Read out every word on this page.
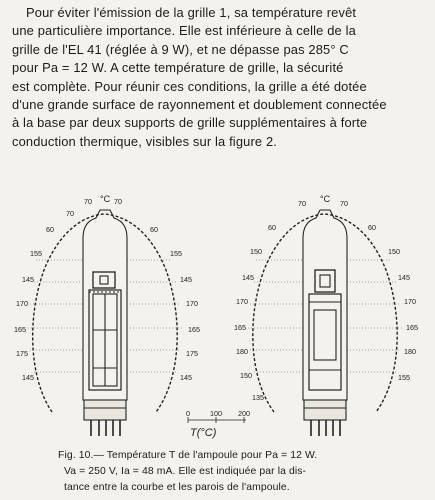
Pour éviter l'émission de la grille 1, sa température revêt
une particulière importance. Elle est inférieure à celle de la
grille de l'EL 41 (réglée à 9 W), et ne dépasse pas 285° C
pour Pa = 12 W. A cette température de grille, la sécurité
est complète. Pour réunir ces conditions, la grille a été dotée
d'une grande surface de rayonnement et doublement connectée
à la base par deux supports de grille supplémentaires à forte
conduction thermique, visibles sur la figure 2.
°C
70	70
70
60
155
145
170
165
175
145
60
155
145
170
165
175
145
°C
70	70
60
150
145
170
165
180
150
135
60
150
145
170
165
180
155
0	100 200
T(°C)
Fig. 10.— Température T de l'ampoule pour Pa = 12 W.
Va = 250 V, Ia = 48 mA. Elle est indiquée par la dis-
tance entre la courbe et les parois de l'ampoule.
